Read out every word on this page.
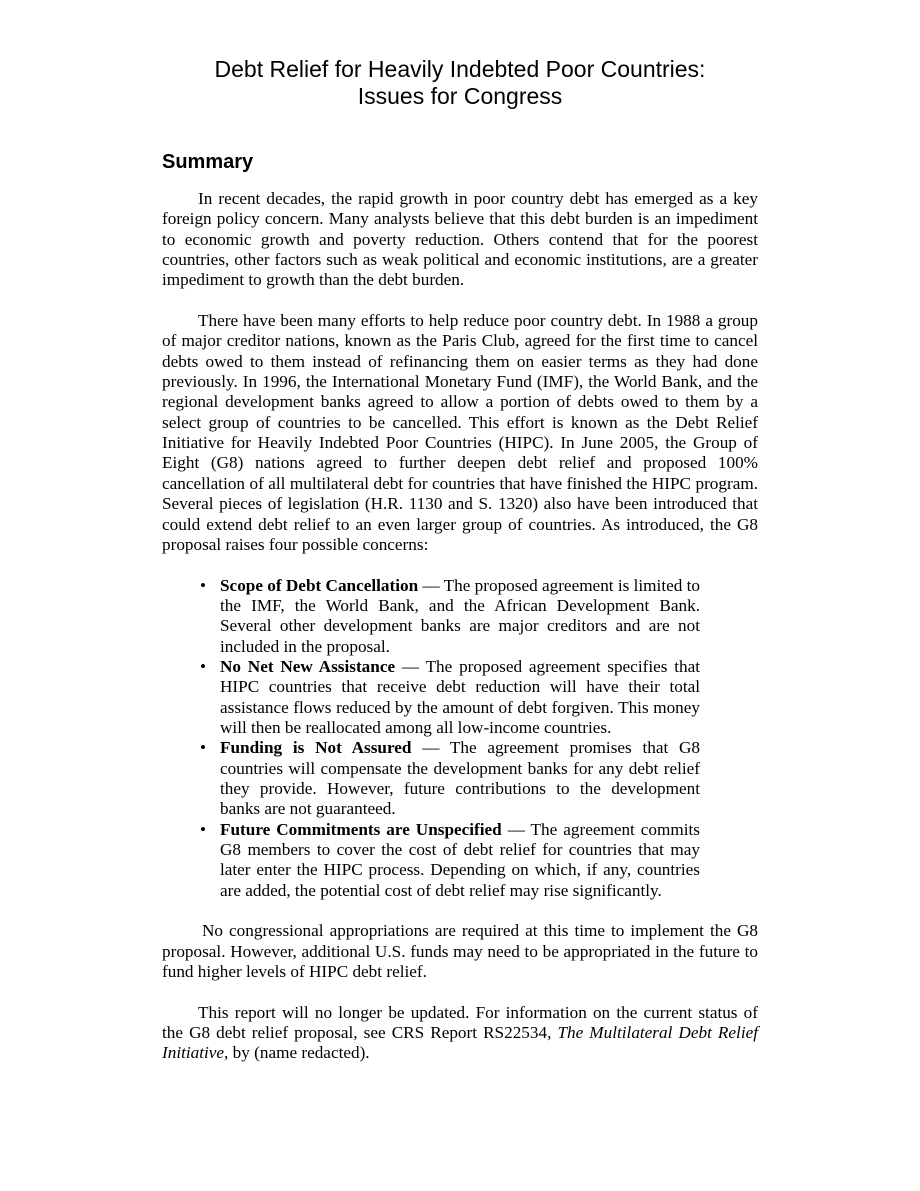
Debt Relief for Heavily Indebted Poor Countries:
Issues for Congress
Summary

In recent decades, the rapid growth in poor country debt has emerged as a key foreign policy concern. Many analysts believe that this debt burden is an impediment to economic growth and poverty reduction. Others contend that for the poorest countries, other factors such as weak political and economic institutions, are a greater impediment to growth than the debt burden.

There have been many efforts to help reduce poor country debt. In 1988 a group of major creditor nations, known as the Paris Club, agreed for the first time to cancel debts owed to them instead of refinancing them on easier terms as they had done previously. In 1996, the International Monetary Fund (IMF), the World Bank, and the regional development banks agreed to allow a portion of debts owed to them by a select group of countries to be cancelled. This effort is known as the Debt Relief Initiative for Heavily Indebted Poor Countries (HIPC). In June 2005, the Group of Eight (G8) nations agreed to further deepen debt relief and proposed 100% cancellation of all multilateral debt for countries that have finished the HIPC program. Several pieces of legislation (H.R. 1130 and S. 1320) also have been introduced that could extend debt relief to an even larger group of countries. As introduced, the G8 proposal raises four possible concerns:

• Scope of Debt Cancellation — The proposed agreement is limited to the IMF, the World Bank, and the African Development Bank. Several other development banks are major creditors and are not included in the proposal.
• No Net New Assistance — The proposed agreement specifies that HIPC countries that receive debt reduction will have their total assistance flows reduced by the amount of debt forgiven. This money will then be reallocated among all low-income countries.
• Funding is Not Assured — The agreement promises that G8 countries will compensate the development banks for any debt relief they provide. However, future contributions to the development banks are not guaranteed.
• Future Commitments are Unspecified — The agreement commits G8 members to cover the cost of debt relief for countries that may later enter the HIPC process. Depending on which, if any, countries are added, the potential cost of debt relief may rise significantly.

No congressional appropriations are required at this time to implement the G8 proposal. However, additional U.S. funds may need to be appropriated in the future to fund higher levels of HIPC debt relief.

This report will no longer be updated. For information on the current status of the G8 debt relief proposal, see CRS Report RS22534, The Multilateral Debt Relief Initiative, by (name redacted).
